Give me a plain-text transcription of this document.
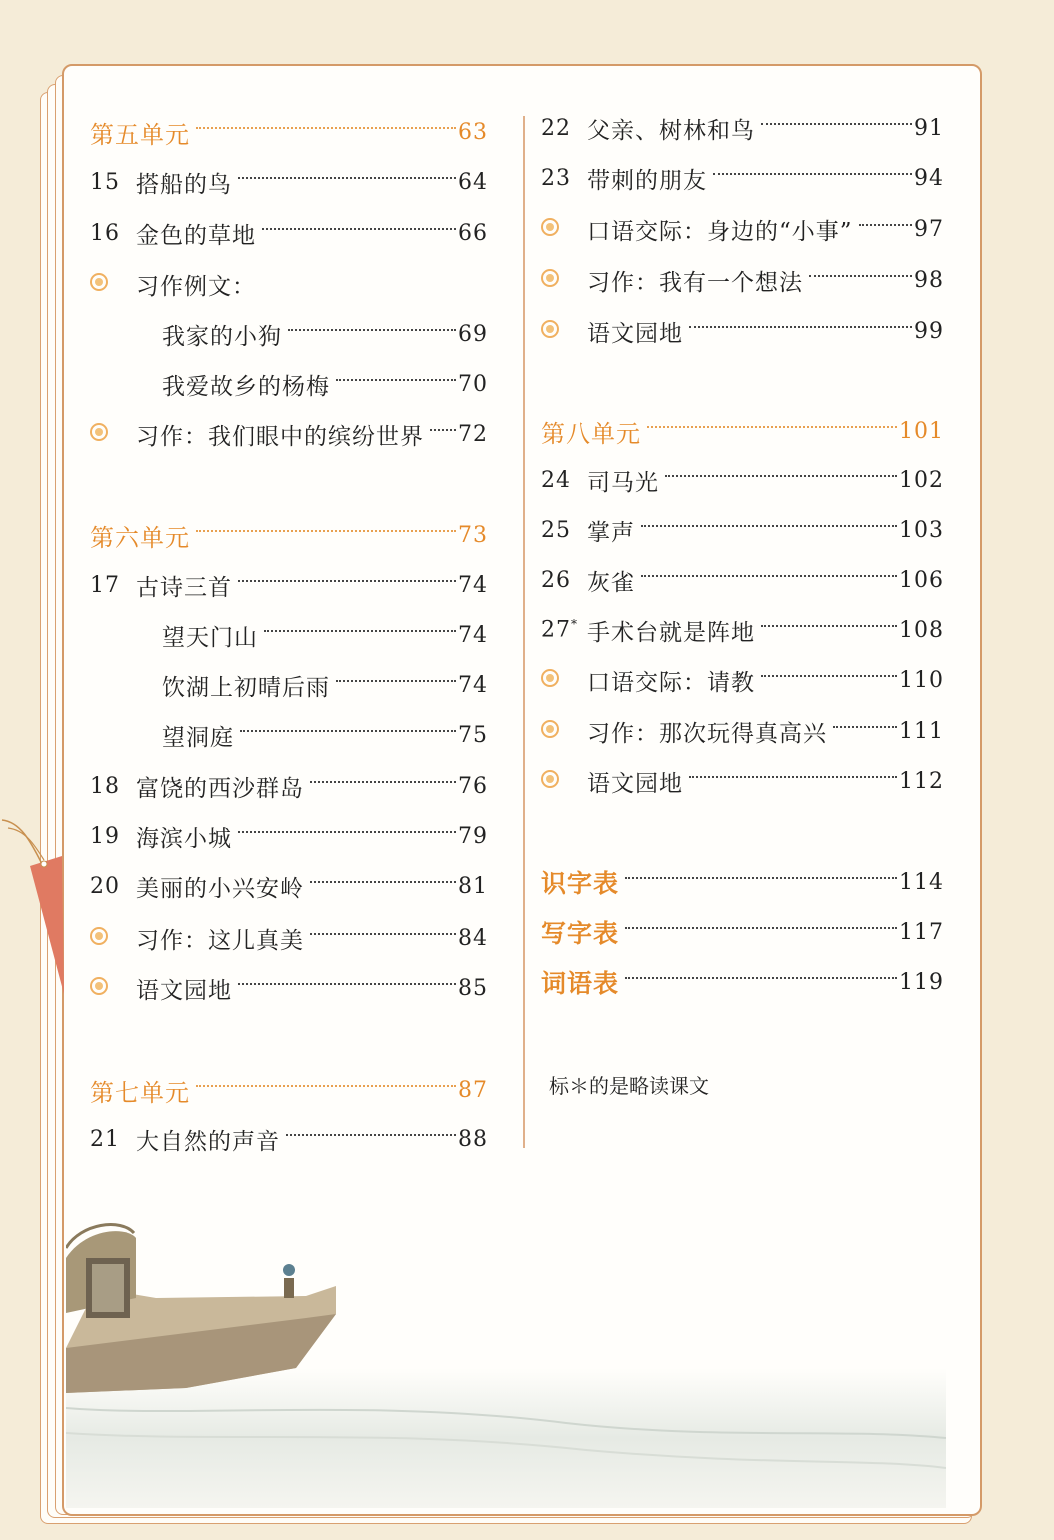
第五单元	63
15 搭船的鸟	64
16 金色的草地	66
习作例文：
我家的小狗	69
我爱故乡的杨梅	70
习作：我们眼中的缤纷世界 72
第六单元	73
17 古诗三首	74
望天门山	74
饮湖上初晴后雨	74
望洞庭	75
18 富饶的西沙群岛	76
19 海滨小城	79
20 美丽的小兴安岭	81
习作：这儿真美	84
语文园地	85
第七单元	87
21 大自然的声音	88
22 父亲、树林和鸟	91
23 带刺的朋友	94
口语交际：身边的“小事”	97
习作：我有一个想法	98
语文园地	99
第八单元	101
24 司马光	102
25 掌声	103
26 灰雀	106
27* 手术台就是阵地	108
口语交际：请教	110
习作：那次玩得真高兴	111
语文园地	112
识字表	114
写字表	117
词语表	119
标＊的是略读课文
